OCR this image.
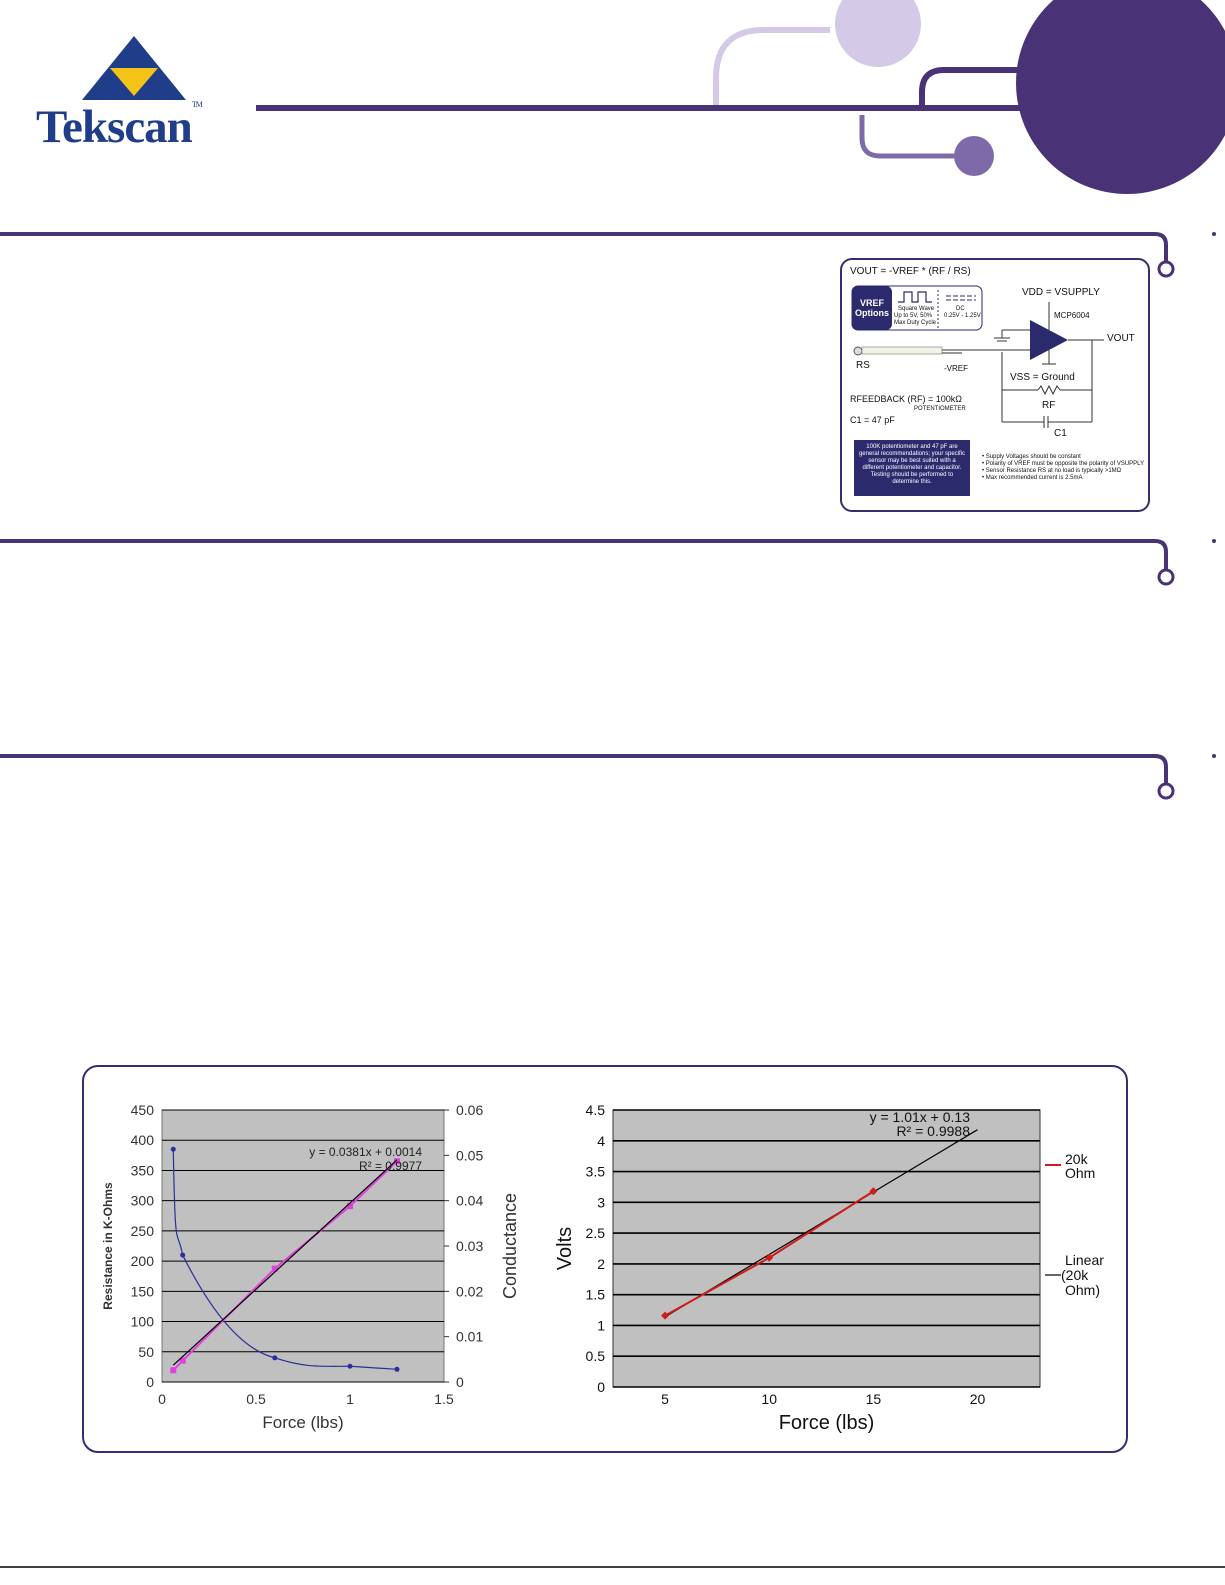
Tekscan™
VOUT = -VREF * (RF / RS)
VREF Options	Square Wave
Up to 5V, 50%
Max Duty Cycle
DC
0.25V - 1.25V
VDD = VSUPPLY
MCP6004
VOUT
RS	-VREF
VSS = Ground
RF
C1
RFEEDBACK (RF) = 100kΩ
POTENTIOMETER
C1 = 47 pF
100K potentiometer and 47 pF are general recommendations; your specific sensor may be best suited with a different potentiometer and capacitor. Testing should be performed to determine this.
• Supply Voltages should be constant
• Polarity of VREF must be opposite the polarity of VSUPPLY
• Sensor Resistance RS at no load is typically >1MΩ
• Max recommended current is 2.5mA
0
50
100
150
200
250
300
350
400
450
0
0.01
0.02
0.03
0.04
0.05
0.06
0	0.5	1	1.5
Force (lbs)
Resistance in K-Ohms	Conductance
y = 0.0381x + 0.0014
R² = 0.9977
0
0.5
1
1.5
2
2.5
3
3.5
4
4.5
5	10	15	20
Force (lbs)
Volts
y = 1.01x + 0.13
R² = 0.9988
20k
Ohm
Linear
(20k
Ohm)
